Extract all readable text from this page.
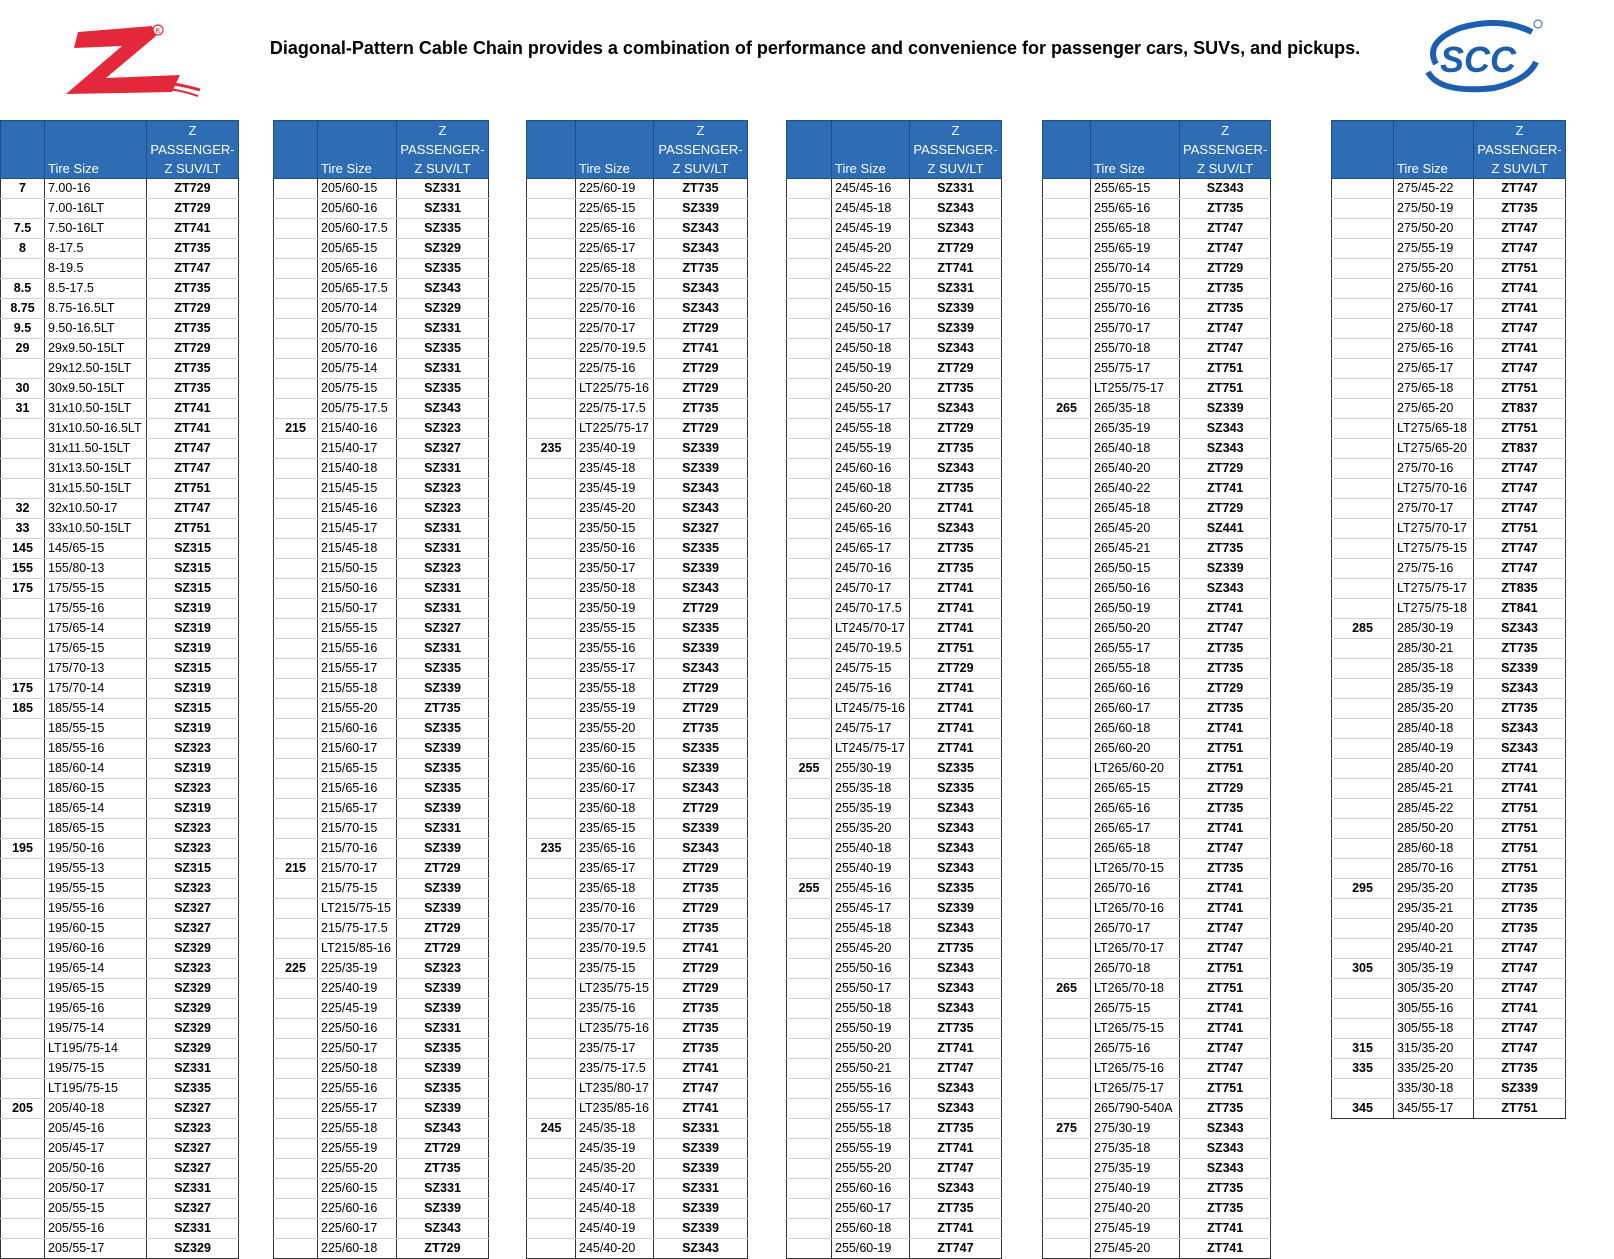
R
Diagonal-Pattern Cable Chain provides a combination of performance and convenience for passenger cars, SUVs, and pickups.	SCC
	Tire Size	Z PASSENGER-
Z SUV/LT

7	7.00-16	ZT729
	7.00-16LT	ZT729
7.5	7.50-16LT	ZT741
8	8-17.5	ZT735
	8-19.5	ZT747
8.5	8.5-17.5	ZT735
8.75	8.75-16.5LT	ZT729
9.5	9.50-16.5LT	ZT735
29	29x9.50-15LT	ZT729
	29x12.50-15LT	ZT735
30	30x9.50-15LT	ZT735
31	31x10.50-15LT	ZT741
	31x10.50-16.5LT	ZT741
	31x11.50-15LT	ZT747
	31x13.50-15LT	ZT747
	31x15.50-15LT	ZT751
32	32x10.50-17	ZT747
33	33x10.50-15LT	ZT751
145	145/65-15	SZ315
155	155/80-13	SZ315
175	175/55-15	SZ315
	175/55-16	SZ319
	175/65-14	SZ319
	175/65-15	SZ319
	175/70-13	SZ315
175	175/70-14	SZ319
185	185/55-14	SZ315
	185/55-15	SZ319
	185/55-16	SZ323
	185/60-14	SZ319
	185/60-15	SZ323
	185/65-14	SZ319
	185/65-15	SZ323
195	195/50-16	SZ323
	195/55-13	SZ315
	195/55-15	SZ323
	195/55-16	SZ327
	195/60-15	SZ327
	195/60-16	SZ329
	195/65-14	SZ323
	195/65-15	SZ329
	195/65-16	SZ329
	195/75-14	SZ329
	LT195/75-14	SZ329
	195/75-15	SZ331
	LT195/75-15	SZ335
205	205/40-18	SZ327
	205/45-16	SZ323
	205/45-17	SZ327
	205/50-16	SZ327
	205/50-17	SZ331
	205/55-15	SZ327
	205/55-16	SZ331
	205/55-17	SZ329
	Tire Size	Z PASSENGER-
Z SUV/LT

	205/60-15	SZ331
	205/60-16	SZ331
	205/60-17.5	SZ335
	205/65-15	SZ329
	205/65-16	SZ335
	205/65-17.5	SZ343
	205/70-14	SZ329
	205/70-15	SZ331
	205/70-16	SZ335
	205/75-14	SZ331
	205/75-15	SZ335
	205/75-17.5	SZ343
215	215/40-16	SZ323
	215/40-17	SZ327
	215/40-18	SZ331
	215/45-15	SZ323
	215/45-16	SZ323
	215/45-17	SZ331
	215/45-18	SZ331
	215/50-15	SZ323
	215/50-16	SZ331
	215/50-17	SZ331
	215/55-15	SZ327
	215/55-16	SZ331
	215/55-17	SZ335
	215/55-18	SZ339
	215/55-20	ZT735
	215/60-16	SZ335
	215/60-17	SZ339
	215/65-15	SZ335
	215/65-16	SZ335
	215/65-17	SZ339
	215/70-15	SZ331
	215/70-16	SZ339
215	215/70-17	ZT729
	215/75-15	SZ339
	LT215/75-15	SZ339
	215/75-17.5	ZT729
	LT215/85-16	ZT729
225	225/35-19	SZ323
	225/40-19	SZ339
	225/45-19	SZ339
	225/50-16	SZ331
	225/50-17	SZ335
	225/50-18	SZ339
	225/55-16	SZ335
	225/55-17	SZ339
	225/55-18	SZ343
	225/55-19	ZT729
	225/55-20	ZT735
	225/60-15	SZ331
	225/60-16	SZ339
	225/60-17	SZ343
	225/60-18	ZT729
	Tire Size	Z PASSENGER-
Z SUV/LT

	225/60-19	ZT735
	225/65-15	SZ339
	225/65-16	SZ343
	225/65-17	SZ343
	225/65-18	ZT735
	225/70-15	SZ343
	225/70-16	SZ343
	225/70-17	ZT729
	225/70-19.5	ZT741
	225/75-16	ZT729
	LT225/75-16	ZT729
	225/75-17.5	ZT735
	LT225/75-17	ZT729
235	235/40-19	SZ339
	235/45-18	SZ339
	235/45-19	SZ343
	235/45-20	SZ343
	235/50-15	SZ327
	235/50-16	SZ335
	235/50-17	SZ339
	235/50-18	SZ343
	235/50-19	ZT729
	235/55-15	SZ335
	235/55-16	SZ339
	235/55-17	SZ343
	235/55-18	ZT729
	235/55-19	ZT729
	235/55-20	ZT735
	235/60-15	SZ335
	235/60-16	SZ339
	235/60-17	SZ343
	235/60-18	ZT729
	235/65-15	SZ339
235	235/65-16	SZ343
	235/65-17	ZT729
	235/65-18	ZT735
	235/70-16	ZT729
	235/70-17	ZT735
	235/70-19.5	ZT741
	235/75-15	ZT729
	LT235/75-15	ZT729
	235/75-16	ZT735
	LT235/75-16	ZT735
	235/75-17	ZT735
	235/75-17.5	ZT741
	LT235/80-17	ZT747
	LT235/85-16	ZT741
245	245/35-18	SZ331
	245/35-19	SZ339
	245/35-20	SZ339
	245/40-17	SZ331
	245/40-18	SZ339
	245/40-19	SZ339
	245/40-20	SZ343
	Tire Size	Z PASSENGER-
Z SUV/LT

	245/45-16	SZ331
	245/45-18	SZ343
	245/45-19	SZ343
	245/45-20	ZT729
	245/45-22	ZT741
	245/50-15	SZ331
	245/50-16	SZ339
	245/50-17	SZ339
	245/50-18	SZ343
	245/50-19	ZT729
	245/50-20	ZT735
	245/55-17	SZ343
	245/55-18	ZT729
	245/55-19	ZT735
	245/60-16	SZ343
	245/60-18	ZT735
	245/60-20	ZT741
	245/65-16	SZ343
	245/65-17	ZT735
	245/70-16	ZT735
	245/70-17	ZT741
	245/70-17.5	ZT741
	LT245/70-17	ZT741
	245/70-19.5	ZT751
	245/75-15	ZT729
	245/75-16	ZT741
	LT245/75-16	ZT741
	245/75-17	ZT741
	LT245/75-17	ZT741
255	255/30-19	SZ335
	255/35-18	SZ335
	255/35-19	SZ343
	255/35-20	SZ343
	255/40-18	SZ343
	255/40-19	SZ343
255	255/45-16	SZ335
	255/45-17	SZ339
	255/45-18	SZ343
	255/45-20	ZT735
	255/50-16	SZ343
	255/50-17	SZ343
	255/50-18	SZ343
	255/50-19	ZT735
	255/50-20	ZT741
	255/50-21	ZT747
	255/55-16	SZ343
	255/55-17	SZ343
	255/55-18	ZT735
	255/55-19	ZT741
	255/55-20	ZT747
	255/60-16	SZ343
	255/60-17	ZT735
	255/60-18	ZT741
	255/60-19	ZT747
	Tire Size	Z PASSENGER-
Z SUV/LT

	255/65-15	SZ343
	255/65-16	ZT735
	255/65-18	ZT747
	255/65-19	ZT747
	255/70-14	ZT729
	255/70-15	ZT735
	255/70-16	ZT735
	255/70-17	ZT747
	255/70-18	ZT747
	255/75-17	ZT751
	LT255/75-17	ZT751
265	265/35-18	SZ339
	265/35-19	SZ343
	265/40-18	SZ343
	265/40-20	ZT729
	265/40-22	ZT741
	265/45-18	ZT729
	265/45-20	SZ441
	265/45-21	ZT735
	265/50-15	SZ339
	265/50-16	SZ343
	265/50-19	ZT741
	265/50-20	ZT747
	265/55-17	ZT735
	265/55-18	ZT735
	265/60-16	ZT729
	265/60-17	ZT735
	265/60-18	ZT741
	265/60-20	ZT751
	LT265/60-20	ZT751
	265/65-15	ZT729
	265/65-16	ZT735
	265/65-17	ZT741
	265/65-18	ZT747
	LT265/70-15	ZT735
	265/70-16	ZT741
	LT265/70-16	ZT741
	265/70-17	ZT747
	LT265/70-17	ZT747
	265/70-18	ZT751
265	LT265/70-18	ZT751
	265/75-15	ZT741
	LT265/75-15	ZT741
	265/75-16	ZT747
	LT265/75-16	ZT747
	LT265/75-17	ZT751
	265/790-540A	ZT735
275	275/30-19	SZ343
	275/35-18	SZ343
	275/35-19	SZ343
	275/40-19	ZT735
	275/40-20	ZT735
	275/45-19	ZT741
	275/45-20	ZT741
	Tire Size	Z PASSENGER-
Z SUV/LT

	275/45-22	ZT747
	275/50-19	ZT735
	275/50-20	ZT747
	275/55-19	ZT747
	275/55-20	ZT751
	275/60-16	ZT741
	275/60-17	ZT741
	275/60-18	ZT747
	275/65-16	ZT741
	275/65-17	ZT747
	275/65-18	ZT751
	275/65-20	ZT837
	LT275/65-18	ZT751
	LT275/65-20	ZT837
	275/70-16	ZT747
	LT275/70-16	ZT747
	275/70-17	ZT747
	LT275/70-17	ZT751
	LT275/75-15	ZT747
	275/75-16	ZT747
	LT275/75-17	ZT835
	LT275/75-18	ZT841
285	285/30-19	SZ343
	285/30-21	ZT735
	285/35-18	SZ339
	285/35-19	SZ343
	285/35-20	ZT735
	285/40-18	SZ343
	285/40-19	SZ343
	285/40-20	ZT741
	285/45-21	ZT741
	285/45-22	ZT751
	285/50-20	ZT751
	285/60-18	ZT751
	285/70-16	ZT751
295	295/35-20	ZT735
	295/35-21	ZT735
	295/40-20	ZT735
	295/40-21	ZT747
305	305/35-19	ZT747
	305/35-20	ZT747
	305/55-16	ZT741
	305/55-18	ZT747
315	315/35-20	ZT747
335	335/25-20	ZT735
	335/30-18	SZ339
345	345/55-17	ZT751
